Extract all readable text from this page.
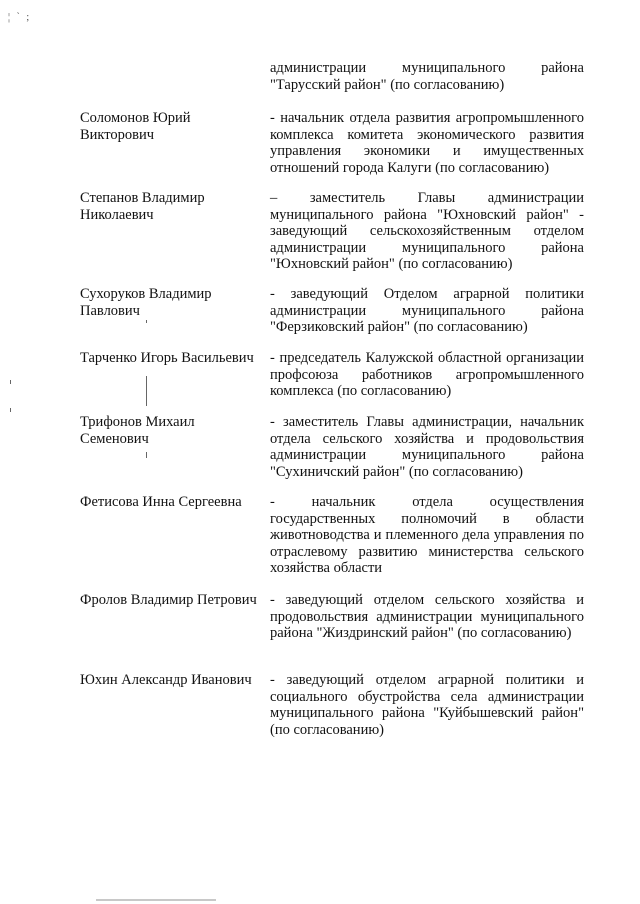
¦ ` ;
администрации муниципального района "Тарусский район" (по согласованию)
Соломонов Юрий Викторович
- начальник отдела развития агропромышленного комплекса комитета экономического развития управления экономики и имущественных отношений города Калуги (по согласованию)
Степанов Владимир Николаевич
– заместитель Главы администрации муниципального района "Юхновский район" - заведующий сельскохозяйственным отделом администрации муниципального района "Юхновский район" (по согласованию)
Сухоруков Владимир Павлович
- заведующий Отделом аграрной политики администрации муниципального района "Ферзиковский район" (по согласованию)
Тарченко Игорь Васильевич - председатель Калужской областной организации профсоюза работников агропромышленного комплекса (по согласованию)
Трифонов Михаил Семенович
- заместитель Главы администрации, начальник отдела сельского хозяйства и продовольствия администрации муниципального района "Сухиничский район" (по согласованию)
Фетисова Инна Сергеевна	- начальник отдела осуществления государственных полномочий в области животноводства и племенного дела управления по отраслевому развитию министерства сельского хозяйства области
Фролов Владимир Петрович - заведующий отделом сельского хозяйства и продовольствия администрации муниципального района "Жиздринский район" (по согласованию)
Юхин Александр Иванович	- заведующий отделом аграрной политики и социального обустройства села администрации муниципального района "Куйбышевский район" (по согласованию)
